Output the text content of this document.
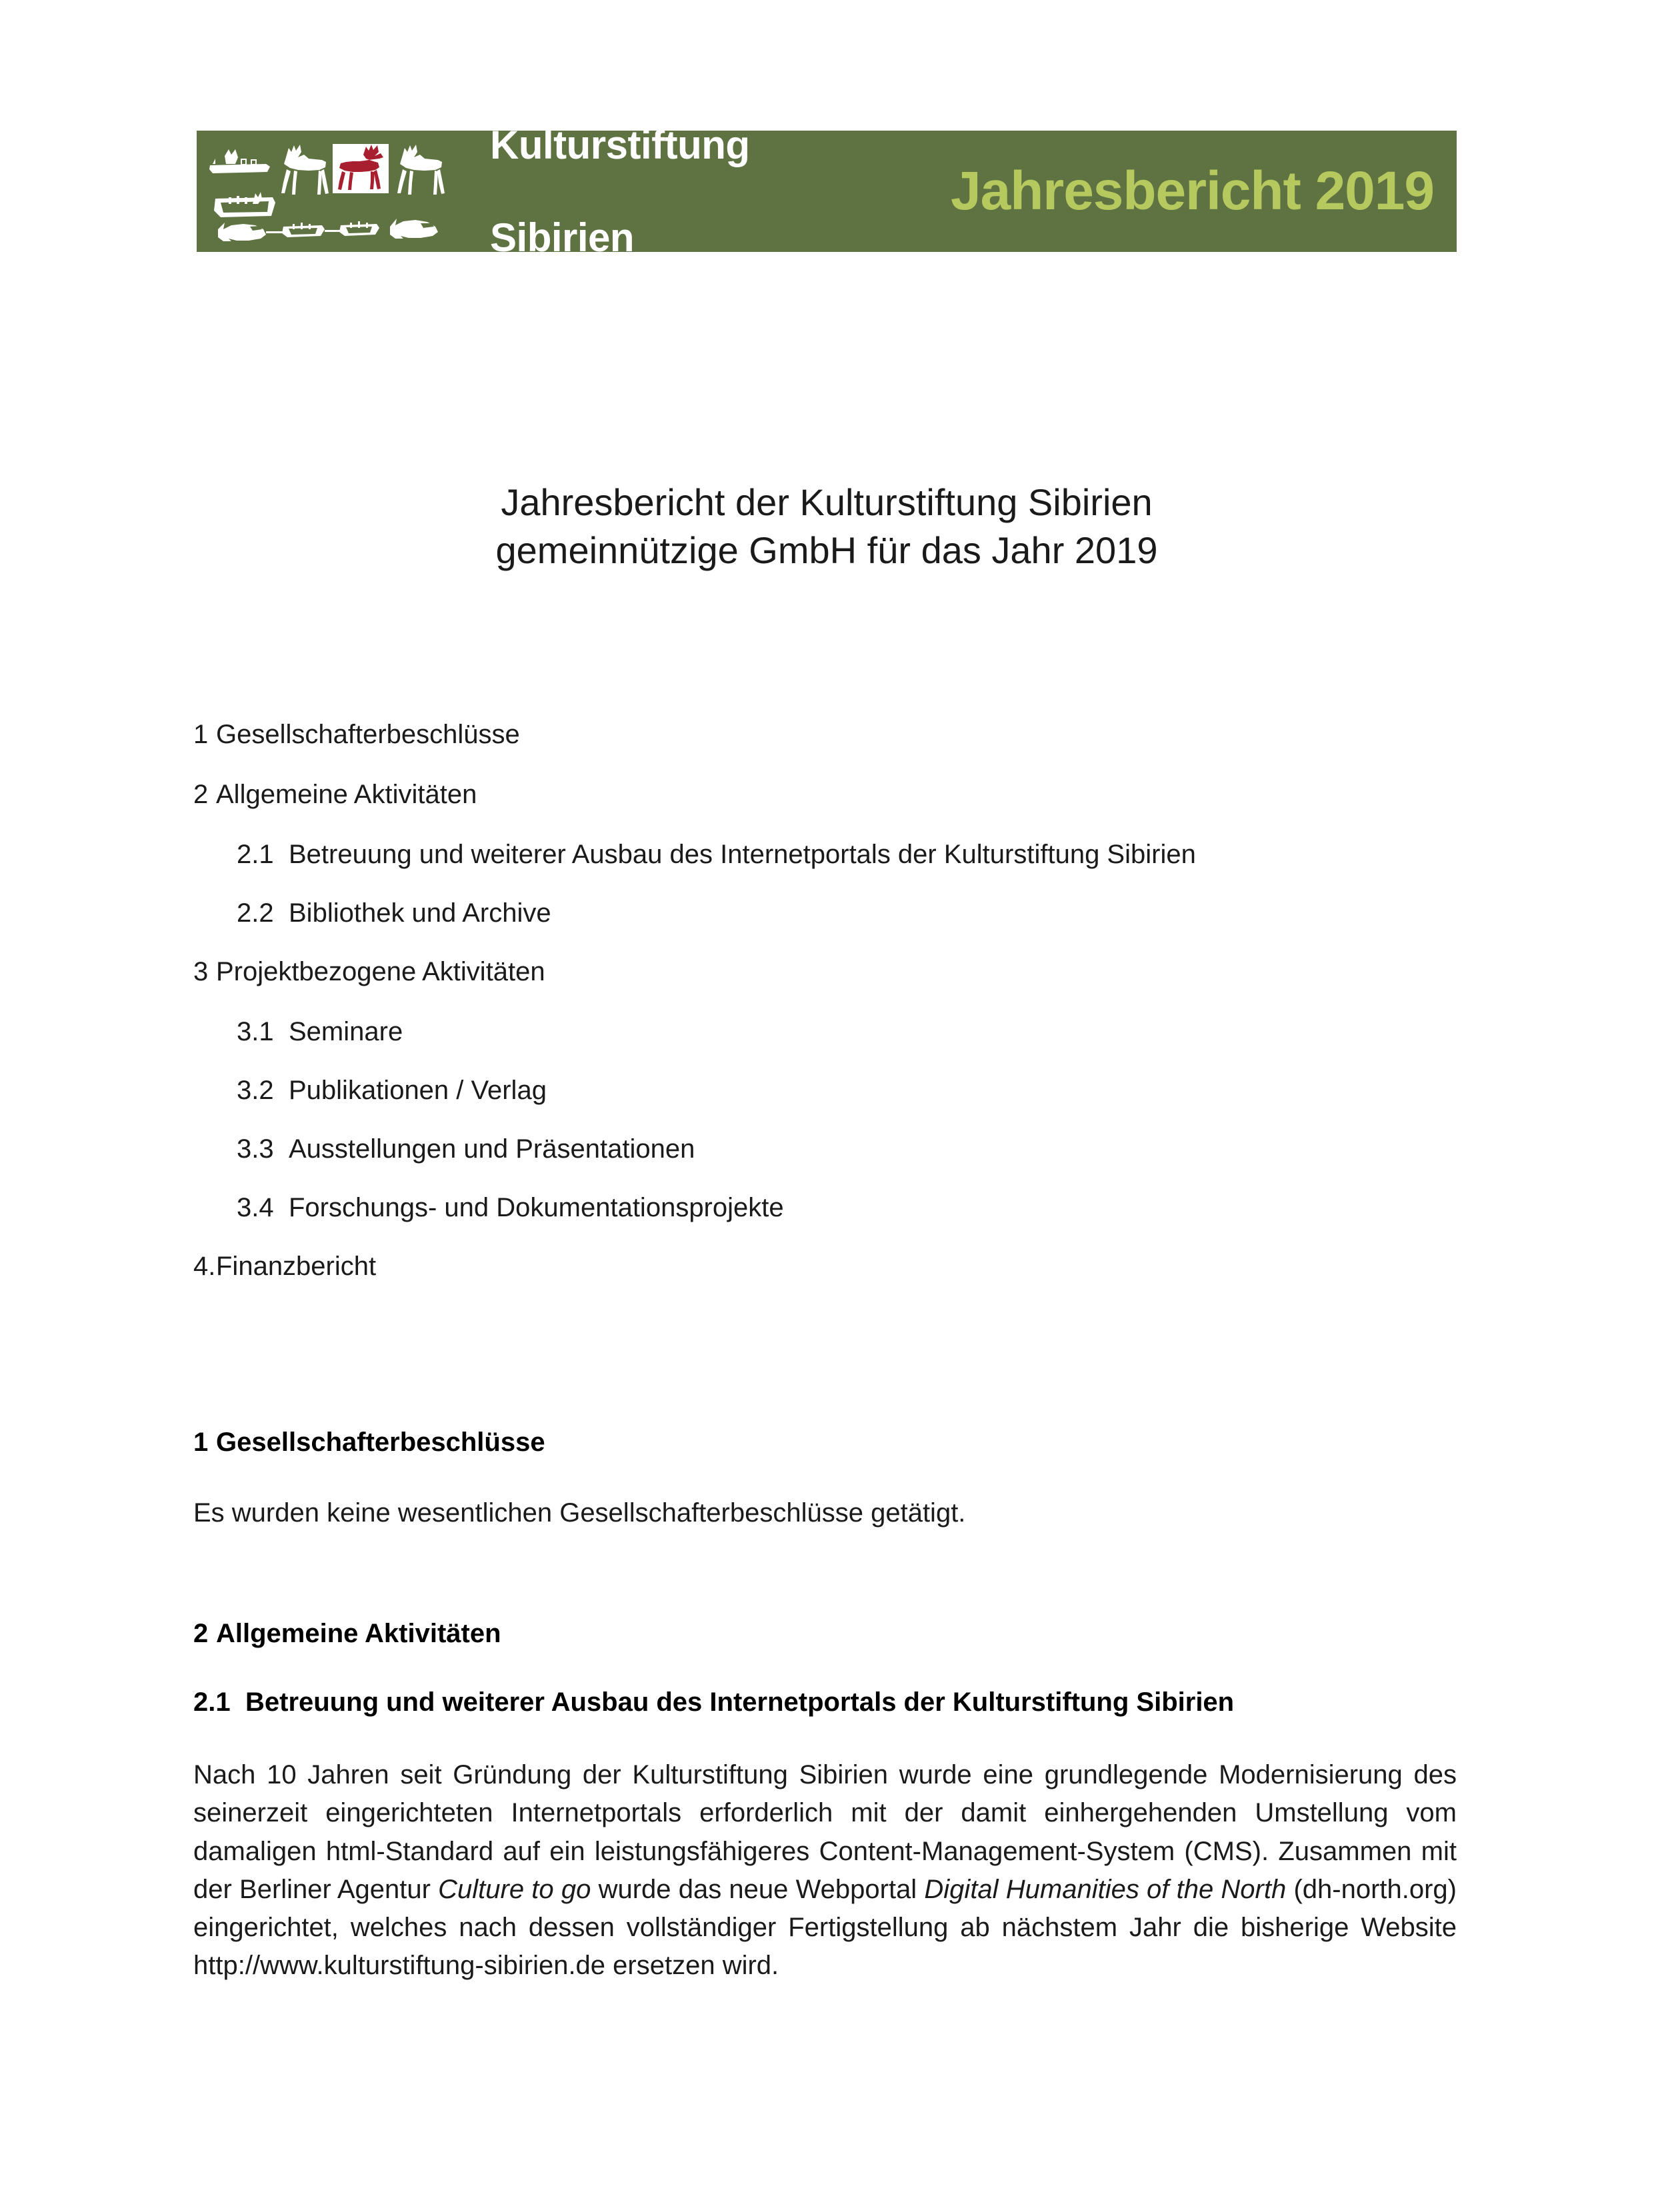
Kulturstiftung

Sibirien

Jahresbericht 2019
Jahresbericht der Kulturstiftung Sibirien
gemeinnützige GmbH für das Jahr 2019
1 Gesellschafterbeschlüsse
2 Allgemeine Aktivitäten
2.1 Betreuung und weiterer Ausbau des Internetportals der Kulturstiftung Sibirien
2.2 Bibliothek und Archive
3 Projektbezogene Aktivitäten
3.1 Seminare
3.2 Publikationen / Verlag
3.3 Ausstellungen und Präsentationen
3.4 Forschungs- und Dokumentationsprojekte
4.Finanzbericht
1 Gesellschafterbeschlüsse

Es wurden keine wesentlichen Gesellschafterbeschlüsse getätigt.

2 Allgemeine Aktivitäten
2.1 Betreuung und weiterer Ausbau des Internetportals der Kulturstiftung Sibirien

Nach 10 Jahren seit Gründung der Kulturstiftung Sibirien wurde eine grundlegende Modernisierung des seinerzeit eingerichteten Internetportals erforderlich mit der damit einhergehenden Umstellung vom damaligen html-Standard auf ein leistungsfähigeres Content-Management-System (CMS). Zusammen mit der Berliner Agentur Culture to go wurde das neue Webportal Digital Humanities of the North (dh-north.org) eingerichtet, welches nach dessen vollständiger Fertigstellung ab nächstem Jahr die bisherige Website http://www.kulturstiftung-sibirien.de ersetzen wird.
